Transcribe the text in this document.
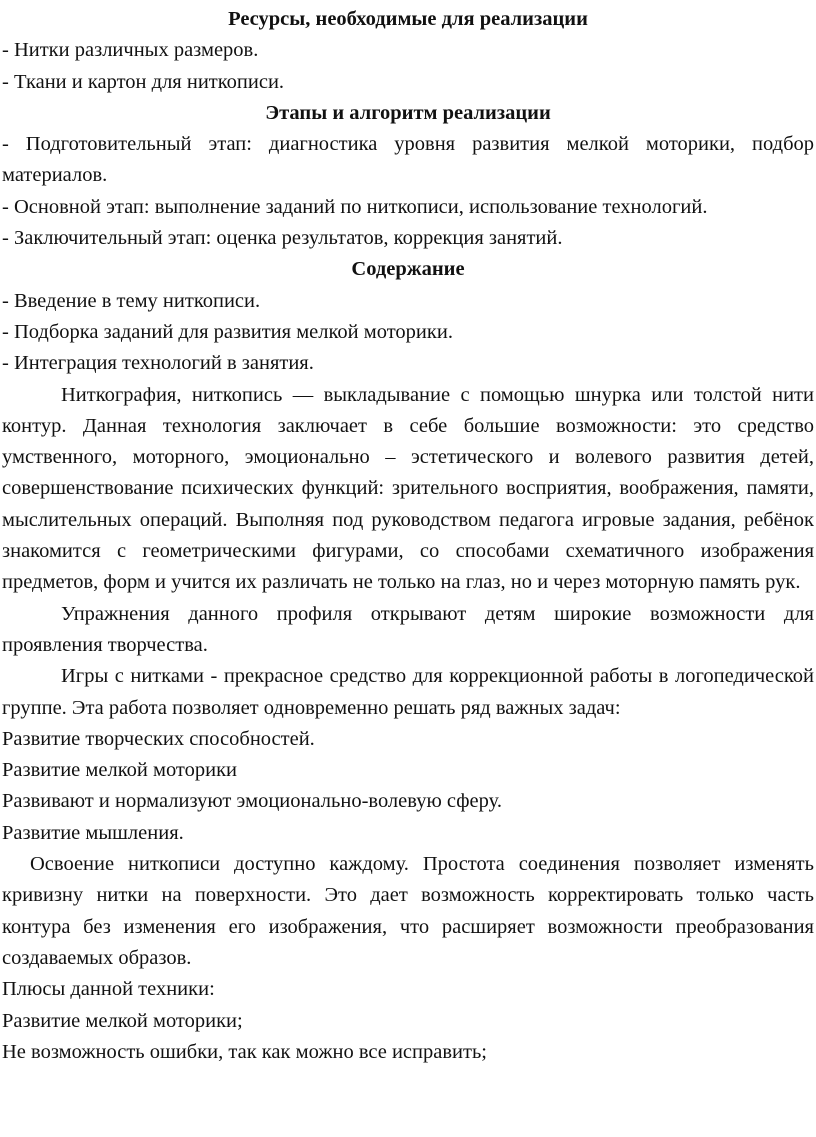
Ресурсы, необходимые для реализации

- Нитки различных размеров.

- Ткани и картон для ниткописи.

Этапы и алгоритм реализации

- Подготовительный этап: диагностика уровня развития мелкой моторики, подбор материалов.

- Основной этап: выполнение заданий по ниткописи, использование технологий.

- Заключительный этап: оценка результатов, коррекция занятий.

Содержание

- Введение в тему ниткописи.

- Подборка заданий для развития мелкой моторики.

- Интеграция технологий в занятия.

Ниткография, ниткопись — выкладывание с помощью шнурка или толстой нити контур. Данная технология заключает в себе большие возможности: это средство умственного, моторного, эмоционально – эстетического и волевого развития детей, совершенствование психических функций: зрительного восприятия, воображения, памяти, мыслительных операций. Выполняя под руководством педагога игровые задания, ребёнок знакомится с геометрическими фигурами, со способами схематичного изображения предметов, форм и учится их различать не только на глаз, но и через моторную память рук.

Упражнения данного профиля открывают детям широкие возможности для проявления творчества.

Игры с нитками - прекрасное средство для коррекционной работы в логопедической группе. Эта работа позволяет одновременно решать ряд важных задач:

Развитие творческих способностей.

Развитие мелкой моторики

Развивают и нормализуют эмоционально-волевую сферу.

Развитие мышления.

Освоение ниткописи доступно каждому. Простота соединения позволяет изменять кривизну нитки на поверхности. Это дает возможность корректировать только часть контура без изменения его изображения, что расширяет возможности преобразования создаваемых образов.

Плюсы данной техники:

Развитие мелкой моторики;

Не возможность ошибки, так как можно все исправить;
